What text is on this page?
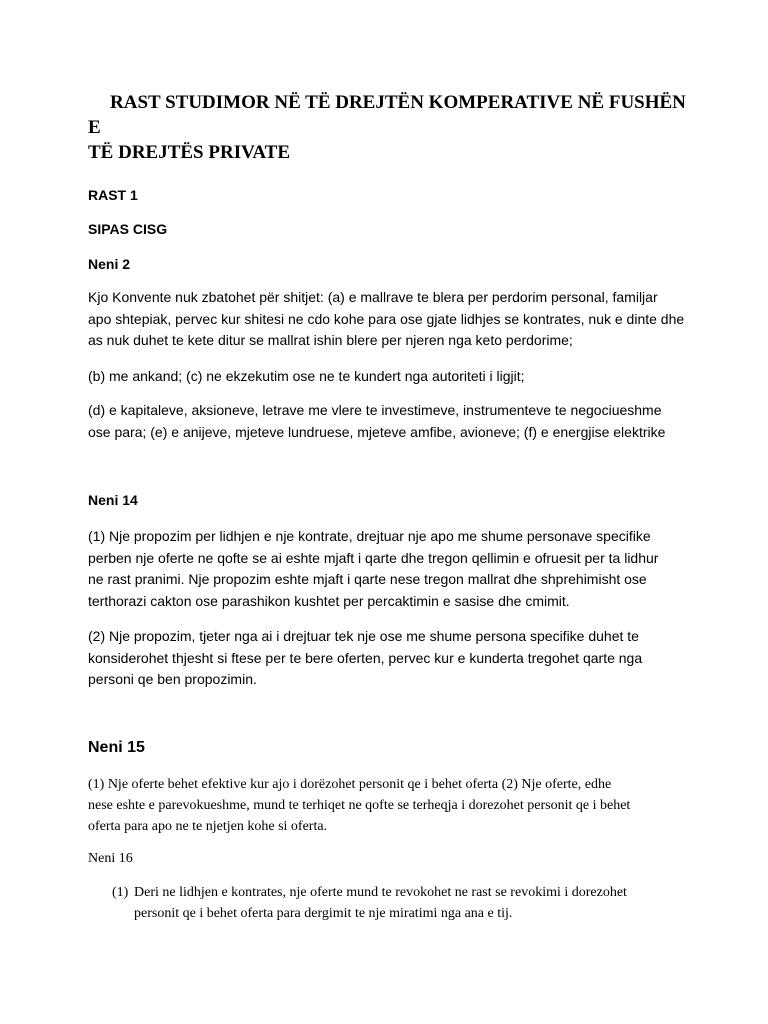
RAST STUDIMOR NË TË DREJTËN KOMPERATIVE NË FUSHËN E
TË DREJTËS PRIVATE
RAST 1
SIPAS CISG
Neni 2
Kjo Konvente nuk zbatohet për shitjet: (a) e mallrave te blera per perdorim personal, familjar
apo shtepiak, pervec kur shitesi ne cdo kohe para ose gjate lidhjes se kontrates, nuk e dinte dhe
as nuk duhet te kete ditur se mallrat ishin blere per njeren nga keto perdorime;
(b) me ankand; (c) ne ekzekutim ose ne te kundert nga autoriteti i ligjit;
(d) e kapitaleve, aksioneve, letrave me vlere te investimeve, instrumenteve te negociueshme
ose para; (e) e anijeve, mjeteve lundruese, mjeteve amfibe, avioneve; (f) e energjise elektrike
Neni 14
(1) Nje propozim per lidhjen e nje kontrate, drejtuar nje apo me shume personave specifike
perben nje oferte ne qofte se ai eshte mjaft i qarte dhe tregon qellimin e ofruesit per ta lidhur
ne rast pranimi. Nje propozim eshte mjaft i qarte nese tregon mallrat dhe shprehimisht ose
terthorazi cakton ose parashikon kushtet per percaktimin e sasise dhe cmimit.
(2) Nje propozim, tjeter nga ai i drejtuar tek nje ose me shume persona specifike duhet te
konsiderohet thjesht si ftese per te bere oferten, pervec kur e kunderta tregohet qarte nga
personi qe ben propozimin.
Neni 15
(1) Nje oferte behet efektive kur ajo i dorëzohet personit qe i behet oferta (2) Nje oferte, edhe
nese eshte e parevokueshme, mund te terhiqet ne qofte se terheqja i dorezohet personit qe i behet
oferta para apo ne te njetjen kohe si oferta.
Neni 16
(1) Deri ne lidhjen e kontrates, nje oferte mund te revokohet ne rast se revokimi i dorezohet
personit qe i behet oferta para dergimit te nje miratimi nga ana e tij.
